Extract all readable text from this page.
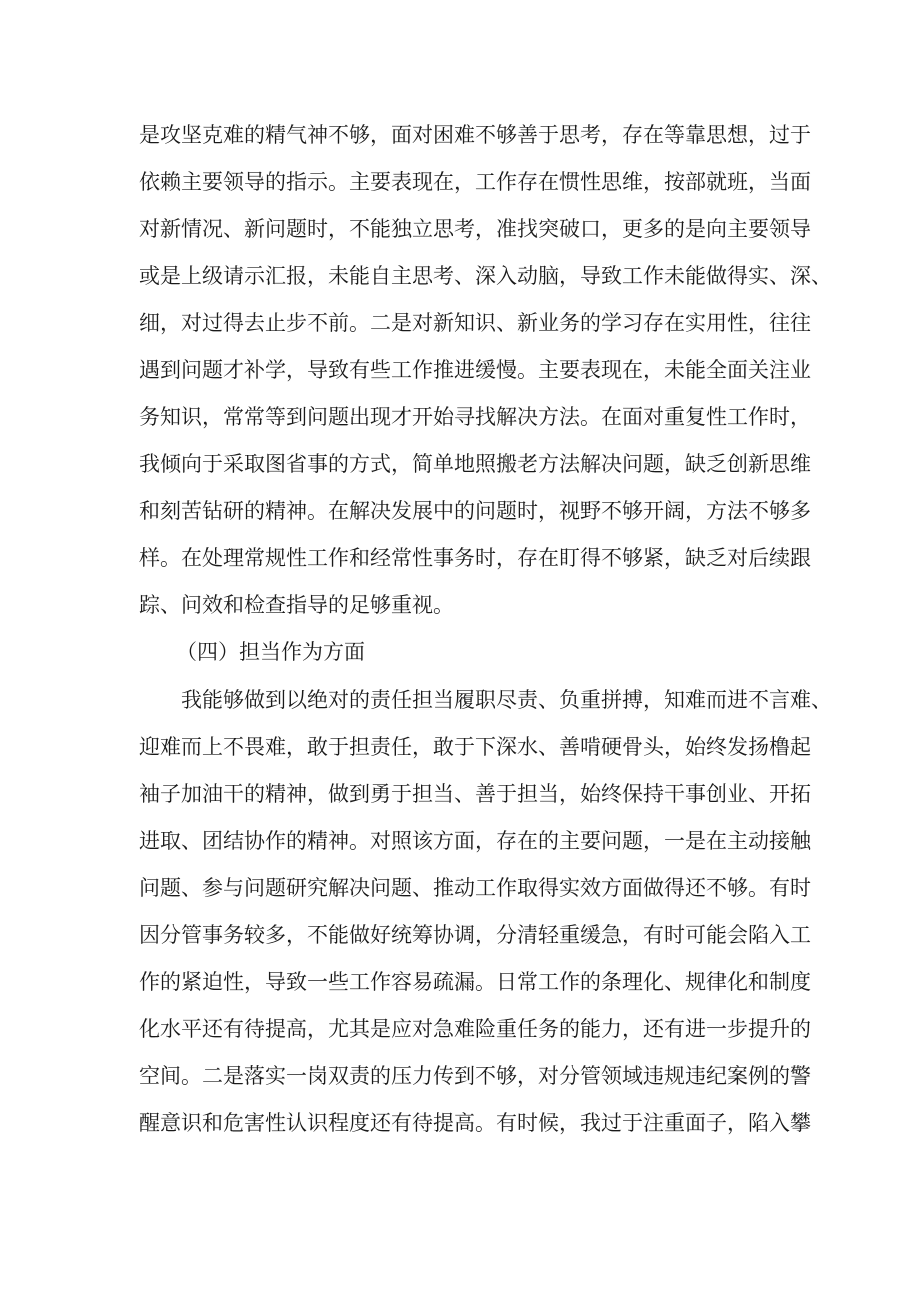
是攻坚克难的精气神不够，面对困难不够善于思考，存在等靠思想，过于
依赖主要领导的指示。主要表现在，工作存在惯性思维，按部就班，当面
对新情况、新问题时，不能独立思考，准找突破口，更多的是向主要领导
或是上级请示汇报，未能自主思考、深入动脑，导致工作未能做得实、深、
细，对过得去止步不前。二是对新知识、新业务的学习存在实用性，往往
遇到问题才补学，导致有些工作推进缓慢。主要表现在，未能全面关注业
务知识，常常等到问题出现才开始寻找解决方法。在面对重复性工作时，
我倾向于采取图省事的方式，简单地照搬老方法解决问题，缺乏创新思维
和刻苦钻研的精神。在解决发展中的问题时，视野不够开阔，方法不够多
样。在处理常规性工作和经常性事务时，存在盯得不够紧，缺乏对后续跟
踪、问效和检查指导的足够重视。
（四）担当作为方面
我能够做到以绝对的责任担当履职尽责、负重拼搏，知难而进不言难、
迎难而上不畏难，敢于担责任，敢于下深水、善啃硬骨头，始终发扬橹起
袖子加油干的精神，做到勇于担当、善于担当，始终保持干事创业、开拓
进取、团结协作的精神。对照该方面，存在的主要问题，一是在主动接触
问题、参与问题研究解决问题、推动工作取得实效方面做得还不够。有时
因分管事务较多，不能做好统筹协调，分清轻重缓急，有时可能会陷入工
作的紧迫性，导致一些工作容易疏漏。日常工作的条理化、规律化和制度
化水平还有待提高，尤其是应对急难险重任务的能力，还有进一步提升的
空间。二是落实一岗双责的压力传到不够，对分管领域违规违纪案例的警
醒意识和危害性认识程度还有待提高。有时候，我过于注重面子，陷入攀
